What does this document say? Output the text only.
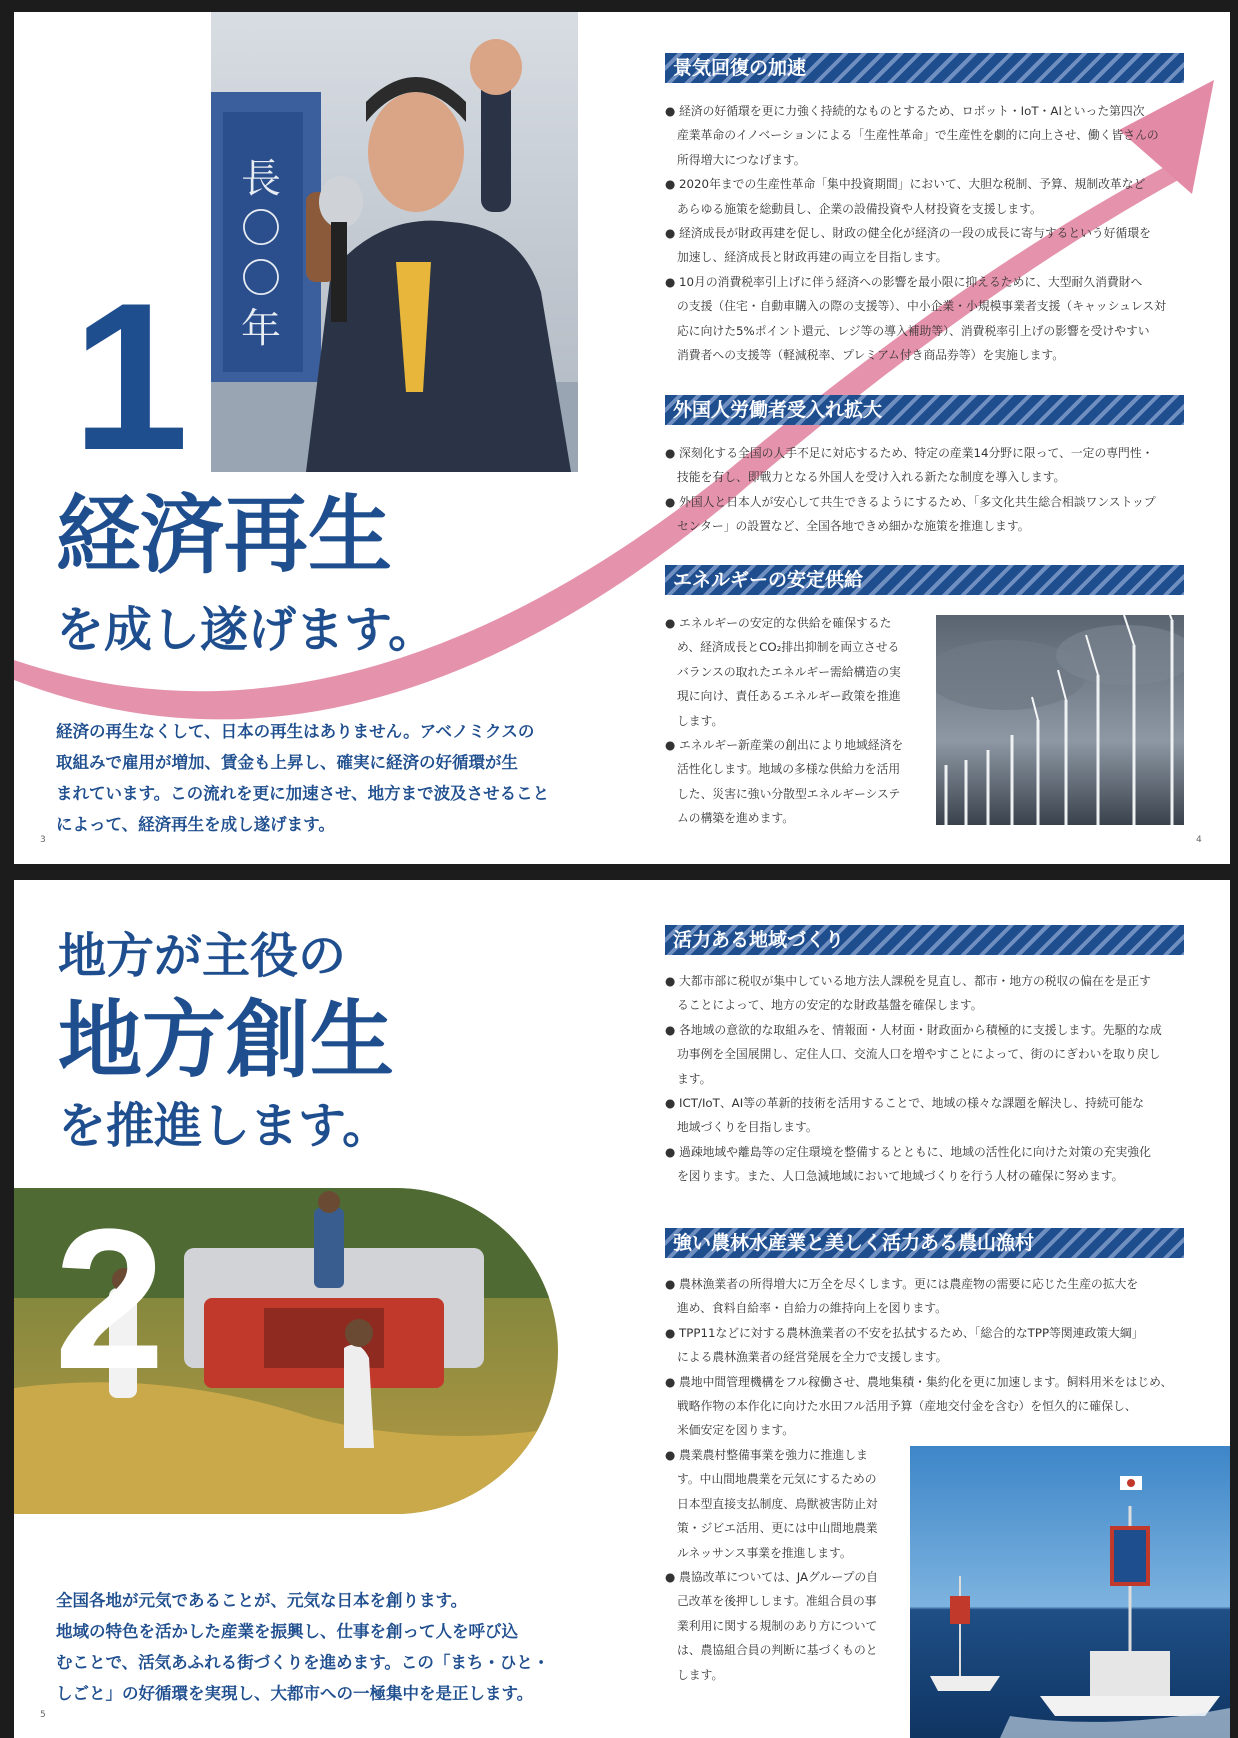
長
〇
〇
年
1
経済再生
を成し遂げます。
経済の再生なくして、日本の再生はありません。アベノミクスの
取組みで雇用が増加、賃金も上昇し、確実に経済の好循環が生
まれています。この流れを更に加速させ、地方まで波及させること
によって、経済再生を成し遂げます。
3	4
景気回復の加速
● 経済の好循環を更に力強く持続的なものとするため、ロボット・IoT・AIといった第四次
産業革命のイノベーションによる「生産性革命」で生産性を劇的に向上させ、働く皆さんの
所得増大につなげます。
● 2020年までの生産性革命「集中投資期間」において、大胆な税制、予算、規制改革など
あらゆる施策を総動員し、企業の設備投資や人材投資を支援します。
● 経済成長が財政再建を促し、財政の健全化が経済の一段の成長に寄与するという好循環を
加速し、経済成長と財政再建の両立を目指します。
● 10月の消費税率引上げに伴う経済への影響を最小限に抑えるために、大型耐久消費財へ
の支援（住宅・自動車購入の際の支援等）、中小企業・小規模事業者支援（キャッシュレス対
応に向けた5%ポイント還元、レジ等の導入補助等）、消費税率引上げの影響を受けやすい
消費者への支援等（軽減税率、プレミアム付き商品券等）を実施します。
外国人労働者受入れ拡大
● 深刻化する全国の人手不足に対応するため、特定の産業14分野に限って、一定の専門性・
技能を有し、即戦力となる外国人を受け入れる新たな制度を導入します。
● 外国人と日本人が安心して共生できるようにするため、「多文化共生総合相談ワンストップ
センター」の設置など、全国各地できめ細かな施策を推進します。
エネルギーの安定供給
● エネルギーの安定的な供給を確保するた
め、経済成長とCO₂排出抑制を両立させる
バランスの取れたエネルギー需給構造の実
現に向け、責任あるエネルギー政策を推進
します。
● エネルギー新産業の創出により地域経済を
活性化します。地域の多様な供給力を活用
した、災害に強い分散型エネルギーシステ
ムの構築を進めます。
地方が主役の
地方創生
を推進します。
2
全国各地が元気であることが、元気な日本を創ります。
地域の特色を活かした産業を振興し、仕事を創って人を呼び込
むことで、活気あふれる街づくりを進めます。この「まち・ひと・
しごと」の好循環を実現し、大都市への一極集中を是正します。
5
活力ある地域づくり
● 大都市部に税収が集中している地方法人課税を見直し、都市・地方の税収の偏在を是正す
ることによって、地方の安定的な財政基盤を確保します。
● 各地域の意欲的な取組みを、情報面・人材面・財政面から積極的に支援します。先駆的な成
功事例を全国展開し、定住人口、交流人口を増やすことによって、街のにぎわいを取り戻し
ます。
● ICT/IoT、AI等の革新的技術を活用することで、地域の様々な課題を解決し、持続可能な
地域づくりを目指します。
● 過疎地域や離島等の定住環境を整備するとともに、地域の活性化に向けた対策の充実強化
を図ります。また、人口急減地域において地域づくりを行う人材の確保に努めます。
強い農林水産業と美しく活力ある農山漁村
● 農林漁業者の所得増大に万全を尽くします。更には農産物の需要に応じた生産の拡大を
進め、食料自給率・自給力の維持向上を図ります。
● TPP11などに対する農林漁業者の不安を払拭するため、「総合的なTPP等関連政策大綱」
による農林漁業者の経営発展を全力で支援します。
● 農地中間管理機構をフル稼働させ、農地集積・集約化を更に加速します。飼料用米をはじめ、
戦略作物の本作化に向けた水田フル活用予算（産地交付金を含む）を恒久的に確保し、
米価安定を図ります。
● 農業農村整備事業を強力に推進しま
す。中山間地農業を元気にするための
日本型直接支払制度、鳥獣被害防止対
策・ジビエ活用、更には中山間地農業
ルネッサンス事業を推進します。
● 農協改革については、JAグループの自
己改革を後押しします。准組合員の事
業利用に関する規制のあり方について
は、農協組合員の判断に基づくものと
します。
